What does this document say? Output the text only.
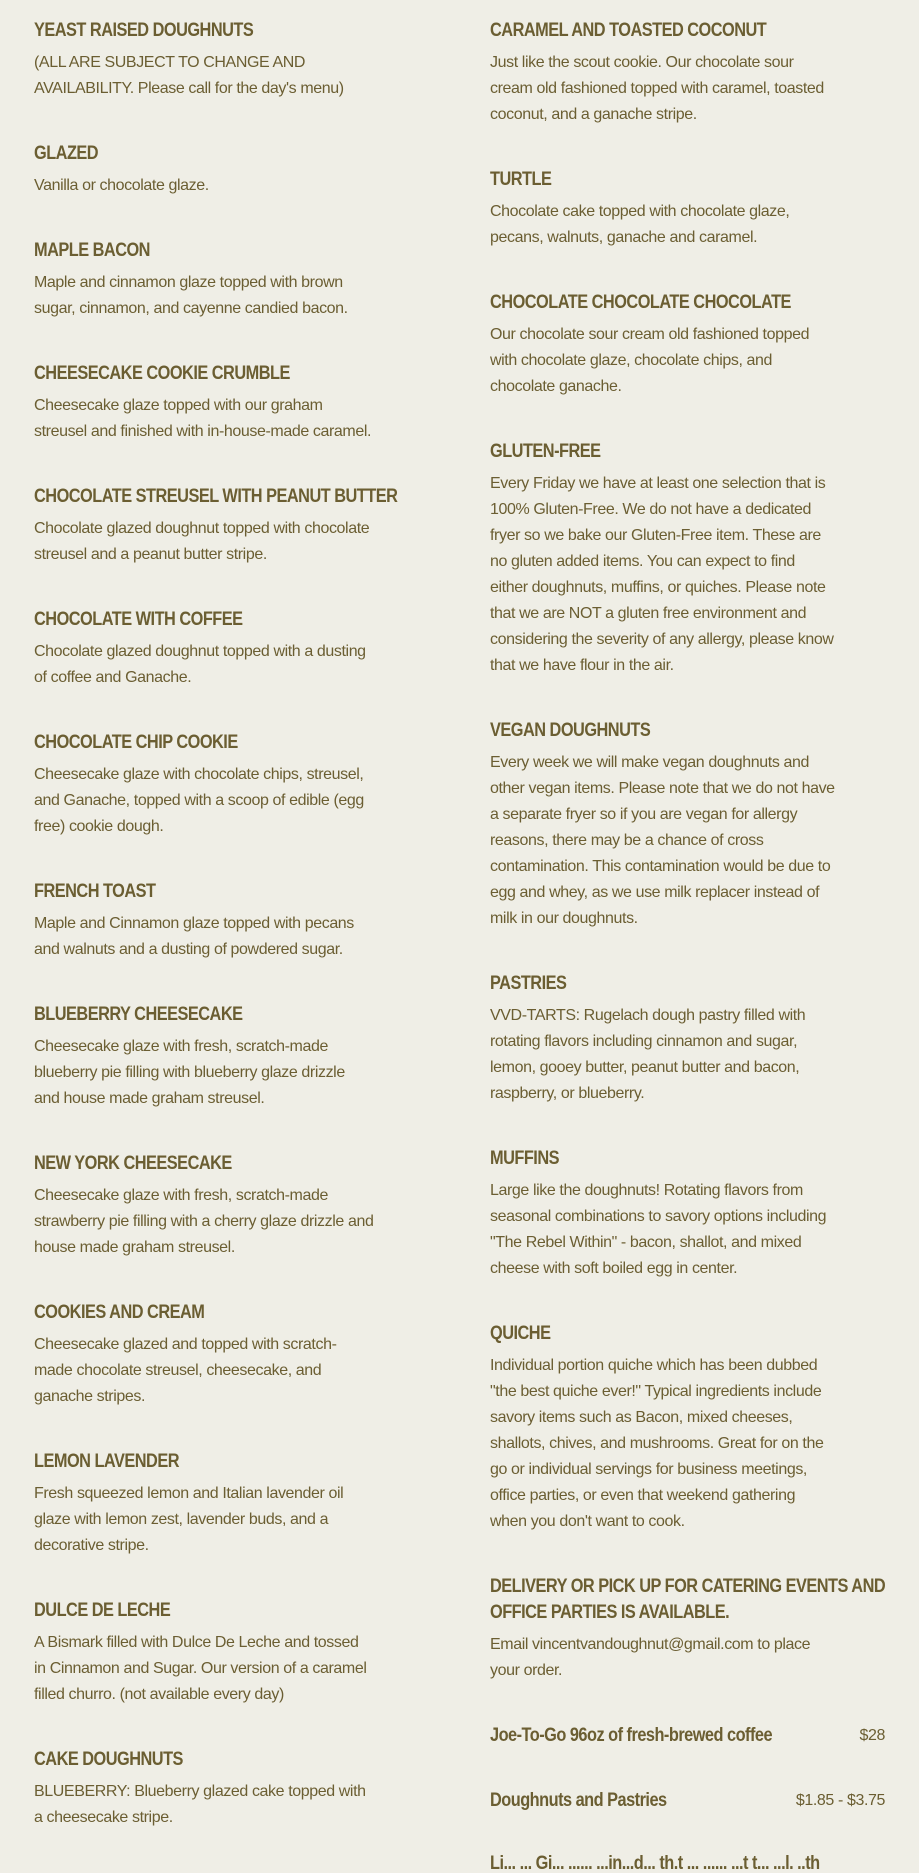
YEAST RAISED DOUGHNUTS

(ALL ARE SUBJECT TO CHANGE AND AVAILABILITY. Please call for the day's menu)

GLAZED

Vanilla or chocolate glaze.

MAPLE BACON

Maple and cinnamon glaze topped with brown sugar, cinnamon, and cayenne candied bacon.

CHEESECAKE COOKIE CRUMBLE

Cheesecake glaze topped with our graham streusel and finished with in-house-made caramel.

CHOCOLATE STREUSEL WITH PEANUT BUTTER

Chocolate glazed doughnut topped with chocolate streusel and a peanut butter stripe.

CHOCOLATE WITH COFFEE

Chocolate glazed doughnut topped with a dusting of coffee and Ganache.

CHOCOLATE CHIP COOKIE

Cheesecake glaze with chocolate chips, streusel, and Ganache, topped with a scoop of edible (egg free) cookie dough.

FRENCH TOAST

Maple and Cinnamon glaze topped with pecans and walnuts and a dusting of powdered sugar.

BLUEBERRY CHEESECAKE

Cheesecake glaze with fresh, scratch-made blueberry pie filling with blueberry glaze drizzle and house made graham streusel.

NEW YORK CHEESECAKE

Cheesecake glaze with fresh, scratch-made strawberry pie filling with a cherry glaze drizzle and house made graham streusel.

COOKIES AND CREAM

Cheesecake glazed and topped with scratch-made chocolate streusel, cheesecake, and ganache stripes.

LEMON LAVENDER

Fresh squeezed lemon and Italian lavender oil glaze with lemon zest, lavender buds, and a decorative stripe.

DULCE DE LECHE

A Bismark filled with Dulce De Leche and tossed in Cinnamon and Sugar. Our version of a caramel filled churro. (not available every day)

CAKE DOUGHNUTS

BLUEBERRY: Blueberry glazed cake topped with a cheesecake stripe.

CARAMEL AND TOASTED COCONUT

Just like the scout cookie. Our chocolate sour cream old fashioned topped with caramel, toasted coconut, and a ganache stripe.

TURTLE

Chocolate cake topped with chocolate glaze, pecans, walnuts, ganache and caramel.

CHOCOLATE CHOCOLATE CHOCOLATE

Our chocolate sour cream old fashioned topped with chocolate glaze, chocolate chips, and chocolate ganache.

GLUTEN-FREE

Every Friday we have at least one selection that is 100% Gluten-Free. We do not have a dedicated fryer so we bake our Gluten-Free item. These are no gluten added items. You can expect to find either doughnuts, muffins, or quiches. Please note that we are NOT a gluten free environment and considering the severity of any allergy, please know that we have flour in the air.

VEGAN DOUGHNUTS

Every week we will make vegan doughnuts and other vegan items. Please note that we do not have a separate fryer so if you are vegan for allergy reasons, there may be a chance of cross contamination. This contamination would be due to egg and whey, as we use milk replacer instead of milk in our doughnuts.

PASTRIES

VVD-TARTS: Rugelach dough pastry filled with rotating flavors including cinnamon and sugar, lemon, gooey butter, peanut butter and bacon, raspberry, or blueberry.

MUFFINS

Large like the doughnuts! Rotating flavors from seasonal combinations to savory options including "The Rebel Within" - bacon, shallot, and mixed cheese with soft boiled egg in center.

QUICHE

Individual portion quiche which has been dubbed "the best quiche ever!" Typical ingredients include savory items such as Bacon, mixed cheeses, shallots, chives, and mushrooms. Great for on the go or individual servings for business meetings, office parties, or even that weekend gathering when you don't want to cook.

DELIVERY OR PICK UP FOR CATERING EVENTS AND OFFICE PARTIES IS AVAILABLE.

Email vincentvandoughnut@gmail.com to place your order.

Joe-To-Go 96oz of fresh-brewed coffee	$28
Doughnuts and Pastries	$1.85 - $3.75
Li... ... Gi... ...... ...in...d... th.t ... ...... ...t t... ...l. ..th
